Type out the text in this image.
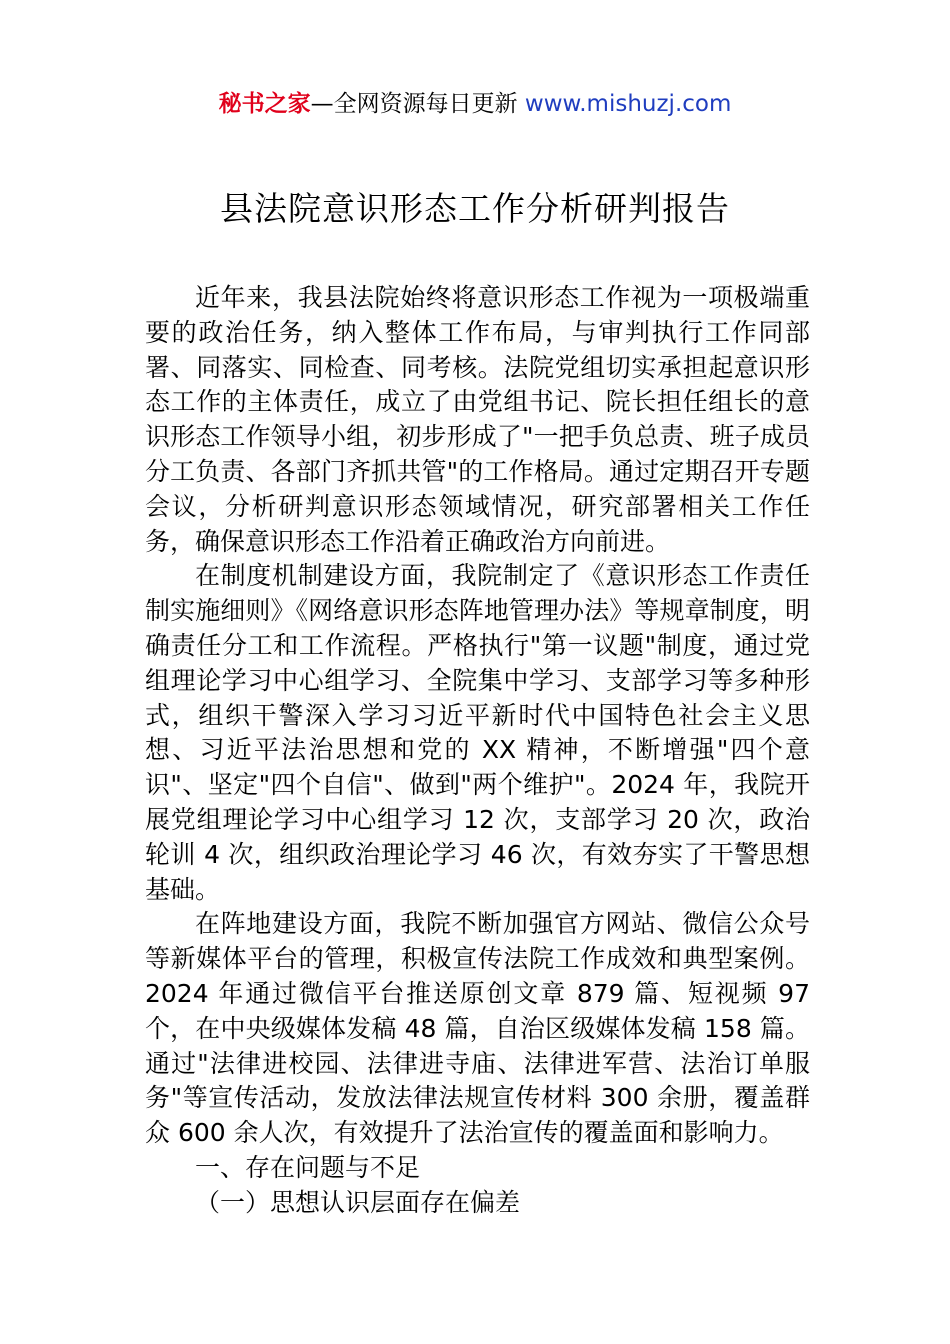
秘书之家—全网资源每日更新 www.mishuzj.com
县法院意识形态工作分析研判报告

近年来，我县法院始终将意识形态工作视为一项极端重要的政治任务，纳入整体工作布局，与审判执行工作同部署、同落实、同检查、同考核。法院党组切实承担起意识形态工作的主体责任，成立了由党组书记、院长担任组长的意识形态工作领导小组，初步形成了"一把手负总责、班子成员分工负责、各部门齐抓共管"的工作格局。通过定期召开专题会议，分析研判意识形态领域情况，研究部署相关工作任务，确保意识形态工作沿着正确政治方向前进。

在制度机制建设方面，我院制定了《意识形态工作责任制实施细则》《网络意识形态阵地管理办法》等规章制度，明确责任分工和工作流程。严格执行"第一议题"制度，通过党组理论学习中心组学习、全院集中学习、支部学习等多种形式，组织干警深入学习习近平新时代中国特色社会主义思想、习近平法治思想和党的 XX 精神，不断增强"四个意识"、坚定"四个自信"、做到"两个维护"。2024 年，我院开展党组理论学习中心组学习 12 次，支部学习 20 次，政治轮训 4 次，组织政治理论学习 46 次，有效夯实了干警思想基础。

在阵地建设方面，我院不断加强官方网站、微信公众号等新媒体平台的管理，积极宣传法院工作成效和典型案例。2024 年通过微信平台推送原创文章 879 篇、短视频 97 个，在中央级媒体发稿 48 篇，自治区级媒体发稿 158 篇。通过"法律进校园、法律进寺庙、法律进军营、法治订单服务"等宣传活动，发放法律法规宣传材料 300 余册，覆盖群众 600 余人次，有效提升了法治宣传的覆盖面和影响力。

一、存在问题与不足

（一）思想认识层面存在偏差
